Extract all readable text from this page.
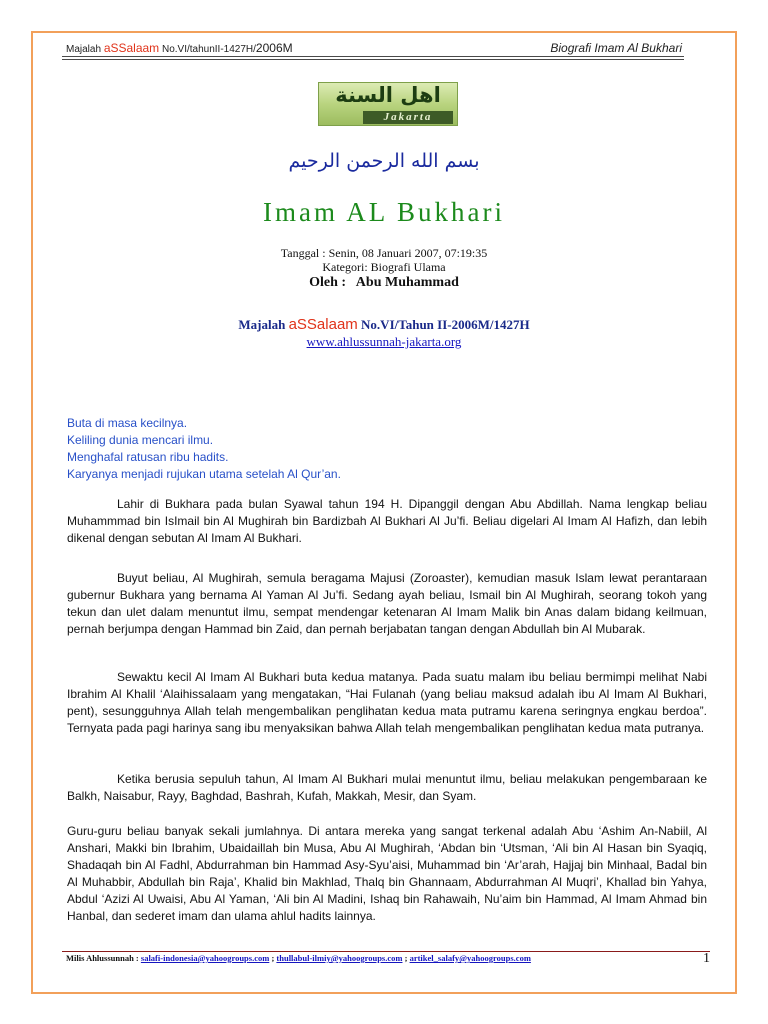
Majalah aSSalaam No.VI/tahunII-1427H/2006M	Biografi Imam Al Bukhari
اهل السنة
Jakarta
بسم الله الرحمن الرحيم
Imam AL Bukhari
Tanggal : Senin, 08 Januari 2007, 07:19:35
Kategori: Biografi Ulama
Oleh :   Abu Muhammad
Majalah aSSalaam No.VI/Tahun II-2006M/1427H
www.ahlussunnah-jakarta.org
Buta di masa kecilnya.
Keliling dunia mencari ilmu.
Menghafal ratusan ribu hadits.
Karyanya menjadi rujukan utama setelah Al Qur’an.
Lahir di Bukhara pada bulan Syawal tahun 194 H. Dipanggil dengan Abu Abdillah. Nama lengkap beliau Muhammmad bin IsImail bin Al Mughirah bin Bardizbah Al Bukhari Al Ju’fi. Beliau digelari Al Imam Al Hafizh, dan lebih dikenal dengan sebutan Al Imam Al Bukhari.
Buyut beliau, Al Mughirah, semula beragama Majusi (Zoroaster), kemudian masuk Islam lewat perantaraan gubernur Bukhara yang bernama Al Yaman Al Ju’fi. Sedang ayah beliau, Ismail bin Al Mughirah, seorang tokoh yang tekun dan ulet dalam menuntut ilmu, sempat mendengar ketenaran Al Imam Malik bin Anas dalam bidang keilmuan, pernah berjumpa dengan Hammad bin Zaid, dan pernah berjabatan tangan dengan Abdullah bin Al Mubarak.
Sewaktu kecil Al Imam Al Bukhari buta kedua matanya. Pada suatu malam ibu beliau bermimpi melihat Nabi Ibrahim Al Khalil ‘Alaihissalaam yang mengatakan, “Hai Fulanah (yang beliau maksud adalah ibu Al Imam Al Bukhari, pent), sesungguhnya Allah telah mengembalikan penglihatan kedua mata putramu karena seringnya engkau berdoa”. Ternyata pada pagi harinya sang ibu menyaksikan bahwa Allah telah mengembalikan penglihatan kedua mata putranya.
Ketika berusia sepuluh tahun, Al Imam Al Bukhari mulai menuntut ilmu, beliau melakukan pengembaraan ke Balkh, Naisabur, Rayy, Baghdad, Bashrah, Kufah, Makkah, Mesir, dan Syam.
Guru-guru beliau banyak sekali jumlahnya. Di antara mereka yang sangat terkenal adalah Abu ‘Ashim An-Nabiil, Al Anshari, Makki bin Ibrahim, Ubaidaillah bin Musa, Abu Al Mughirah, ‘Abdan bin ‘Utsman, ‘Ali bin Al Hasan bin Syaqiq, Shadaqah bin Al Fadhl, Abdurrahman bin Hammad Asy-Syu’aisi, Muhammad bin ‘Ar’arah, Hajjaj bin Minhaal, Badal bin Al Muhabbir, Abdullah bin Raja’, Khalid bin Makhlad, Thalq bin Ghannaam, Abdurrahman Al Muqri’, Khallad bin Yahya, Abdul ‘Azizi Al Uwaisi, Abu Al Yaman, ‘Ali bin Al Madini, Ishaq bin Rahawaih, Nu’aim bin Hammad, Al Imam Ahmad bin Hanbal, dan sederet imam dan ulama ahlul hadits lainnya.
Milis Ahlussunnah : salafi-indonesia@yahoogroups.com ; thullabul-ilmiy@yahoogroups.com ; artikel_salafy@yahoogroups.com	1
